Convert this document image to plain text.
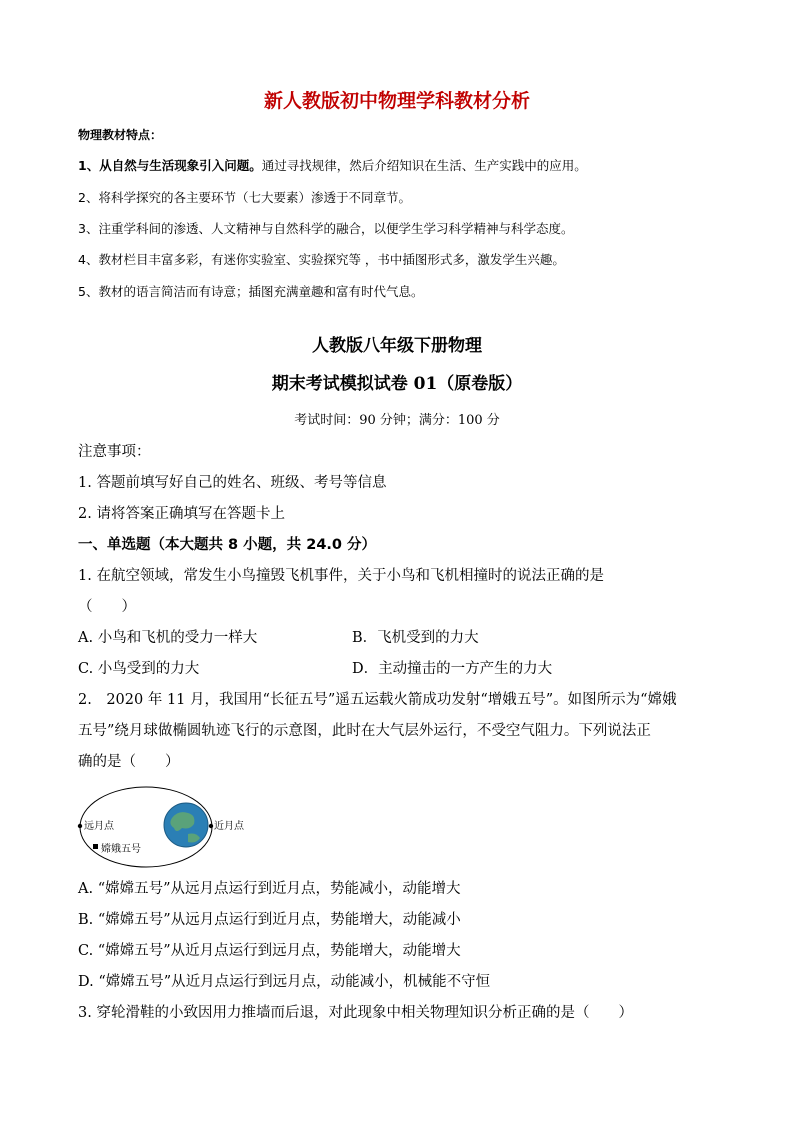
新人教版初中物理学科教材分析
物理教材特点：
1、从自然与生活现象引入问题。通过寻找规律，然后介绍知识在生活、生产实践中的应用。
2、将科学探究的各主要环节（七大要素）渗透于不同章节。
3、注重学科间的渗透、人文精神与自然科学的融合，以便学生学习科学精神与科学态度。
4、教材栏目丰富多彩，有迷你实验室、实验探究等 ，书中插图形式多，激发学生兴趣。
5、教材的语言简洁而有诗意；插图充满童趣和富有时代气息。
人教版八年级下册物理
期末考试模拟试卷 01（原卷版）
考试时间：90 分钟；满分：100 分
注意事项：
1. 答题前填写好自己的姓名、班级、考号等信息
2. 请将答案正确填写在答题卡上
一、单选题（本大题共 8 小题，共 24.0 分）
1. 在航空领域，常发生小鸟撞毁飞机事件，关于小鸟和飞机相撞时的说法正确的是
（　　）
A. 小鸟和飞机的受力一样大	B．飞机受到的力大
C. 小鸟受到的力大	D．主动撞击的一方产生的力大
2.　2020 年 11 月，我国用“长征五号”遥五运载火箭成功发射“增娥五号”。如图所示为“嫦娥
五号”绕月球做椭圆轨迹飞行的示意图，此时在大气层外运行，不受空气阻力。下列说法正
确的是（　　）
远月点	近月点
嫦娥五号
A. “嫦嫦五号”从远月点运行到近月点，势能减小，动能增大
B. “嫦嫦五号”从远月点运行到近月点，势能增大，动能减小
C. “嫦嫦五号”从近月点运行到远月点，势能增大，动能增大
D. “嫦嫦五号”从近月点运行到远月点，动能减小，机械能不守恒
3. 穿轮滑鞋的小致因用力推墙而后退，对此现象中相关物理知识分析正确的是（　　）
